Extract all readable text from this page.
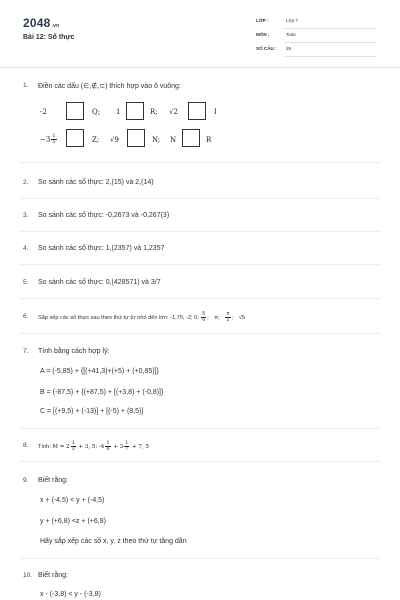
2048.vn
Bài 12: Số thực
LỚP :	Lớp 7
MÔN :	Toán
SỐ CÂU : 29
1. Điền các dấu (∈,∉,⊂) thích hợp vào ô vuông:
-2	Q; 1	R; √2	I
$-3 \frac{1}{5}$	Z; √9	N; N	R
2. So sánh các số thực: 2,(15) và 2,(14)
3. So sánh các số thực: -0,2673 và -0,267(3)
4. So sánh các số thực: 1,(2357) và 1,2357
5. So sánh các số thực: 0,(428571) và 3/7
6. Sắp xếp các số thực sau theo thứ tự từ nhỏ đến lớn: -1,75; -2; 0; $\frac{5}{6}$ ; π; $\frac{\pi}{2}$ ; √5
7. Tính bằng cách hợp lý:
A = (-5,85) + {[(+41,3)+(+5) + (+0,85)]}
B = (-87,5) + {(+87,5) + [(+3,8) + (-0,8)]}
C = [(+9,5) + (-13)] + [(-5) + (8,5)]
8. Tính: $M = 2 \frac{1}{3} + 3$, 5: $-4 \frac{1}{6} + 3 \frac{1}{7} + 7$, 5
9. Biết rằng:
x + (-4,5) < y + (-4,5)
y + (+6,8) <z + (+6,8)
Hãy sắp xếp các số x, y. z theo thứ tự tăng dần
10. Biết rằng:
x - (-3,8) < y - (-3,8)
